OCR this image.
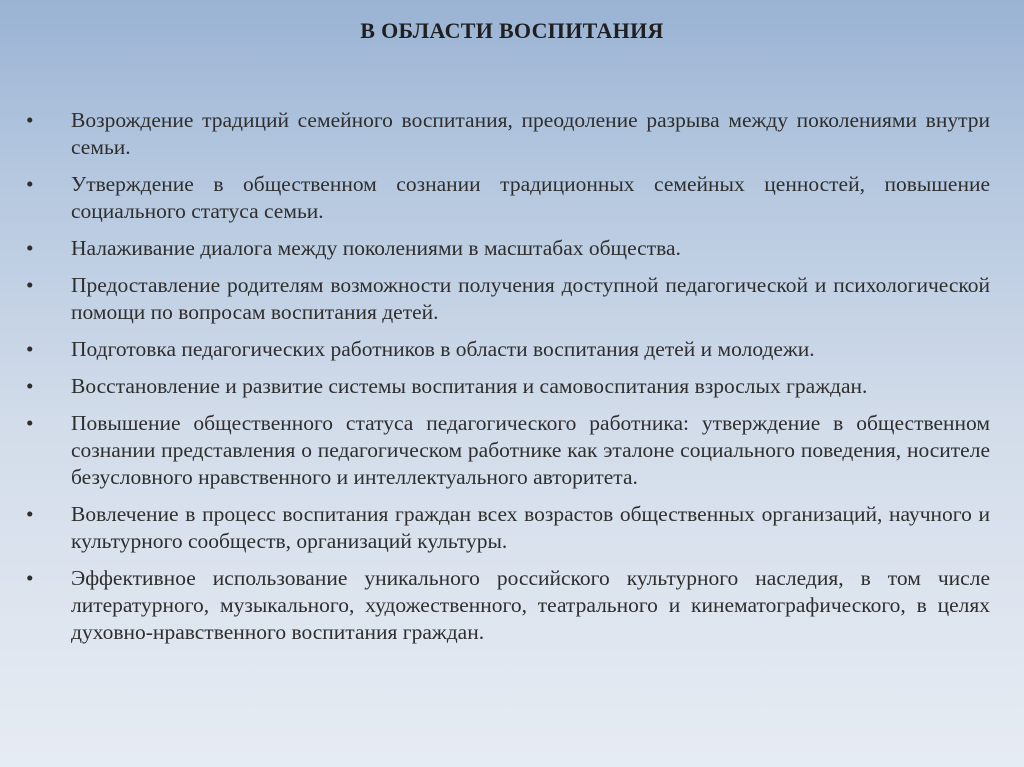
В ОБЛАСТИ ВОСПИТАНИЯ
•	Возрождение традиций семейного воспитания, преодоление разрыва между поколениями внутри семьи.
•	Утверждение в общественном сознании традиционных семейных ценностей, повышение социального статуса семьи.
•	Налаживание диалога между поколениями в масштабах общества.
•	Предоставление родителям возможности получения доступной педагогической и психологической помощи по вопросам воспитания детей.
•	Подготовка педагогических работников в области воспитания детей и молодежи.
•	Восстановление и развитие системы воспитания и самовоспитания взрослых граждан.
•	Повышение общественного статуса педагогического работника: утверждение в общественном сознании представления о педагогическом работнике как эталоне социального поведения, носителе безусловного нравственного и интеллектуального авторитета.
•	Вовлечение в процесс воспитания граждан всех возрастов общественных организаций, научного и культурного сообществ, организаций культуры.
•	Эффективное использование уникального российского культурного наследия, в том числе литературного, музыкального, художественного, театрального и кинематографического, в целях духовно-нравственного воспитания граждан.
